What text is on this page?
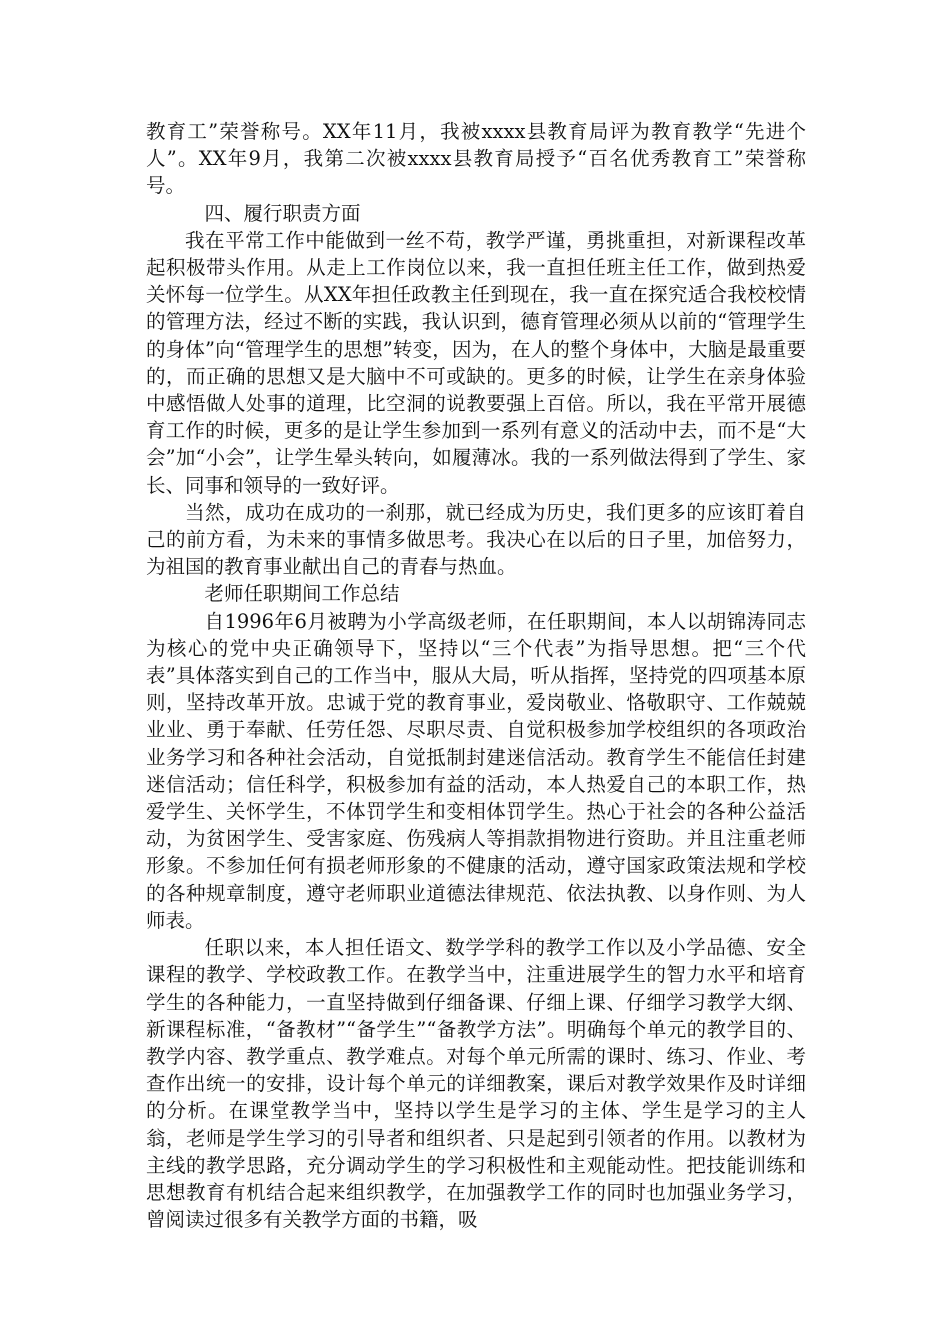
教育工”荣誉称号。XX年11月，我被xxxx县教育局评为教育教学“先进个人”。XX年9月，我第二次被xxxx县教育局授予“百名优秀教育工”荣誉称号。

四、履行职责方面

我在平常工作中能做到一丝不苟，教学严谨，勇挑重担，对新课程改革起积极带头作用。从走上工作岗位以来，我一直担任班主任工作，做到热爱关怀每一位学生。从XX年担任政教主任到现在，我一直在探究适合我校校情的管理方法，经过不断的实践，我认识到，德育管理必须从以前的“管理学生的身体”向“管理学生的思想”转变，因为，在人的整个身体中，大脑是最重要的，而正确的思想又是大脑中不可或缺的。更多的时候，让学生在亲身体验中感悟做人处事的道理，比空洞的说教要强上百倍。所以，我在平常开展德育工作的时候，更多的是让学生参加到一系列有意义的活动中去，而不是“大会”加“小会”，让学生晕头转向，如履薄冰。我的一系列做法得到了学生、家长、同事和领导的一致好评。

当然，成功在成功的一刹那，就已经成为历史，我们更多的应该盯着自己的前方看，为未来的事情多做思考。我决心在以后的日子里，加倍努力，为祖国的教育事业献出自己的青春与热血。

老师任职期间工作总结

自1996年6月被聘为小学高级老师，在任职期间，本人以胡锦涛同志为核心的党中央正确领导下，坚持以“三个代表”为指导思想。把“三个代表”具体落实到自己的工作当中，服从大局，听从指挥，坚持党的四项基本原则，坚持改革开放。忠诚于党的教育事业，爱岗敬业、恪敬职守、工作兢兢业业、勇于奉献、任劳任怨、尽职尽责、自觉积极参加学校组织的各项政治业务学习和各种社会活动，自觉抵制封建迷信活动。教育学生不能信任封建迷信活动；信任科学，积极参加有益的活动，本人热爱自己的本职工作，热爱学生、关怀学生，不体罚学生和变相体罚学生。热心于社会的各种公益活动，为贫困学生、受害家庭、伤残病人等捐款捐物进行资助。并且注重老师形象。不参加任何有损老师形象的不健康的活动，遵守国家政策法规和学校的各种规章制度，遵守老师职业道德法律规范、依法执教、以身作则、为人师表。

任职以来，本人担任语文、数学学科的教学工作以及小学品德、安全课程的教学、学校政教工作。在教学当中，注重进展学生的智力水平和培育学生的各种能力，一直坚持做到仔细备课、仔细上课、仔细学习教学大纲、新课程标准，“备教材”“备学生”“备教学方法”。明确每个单元的教学目的、教学内容、教学重点、教学难点。对每个单元所需的课时、练习、作业、考查作出统一的安排，设计每个单元的详细教案，课后对教学效果作及时详细的分析。在课堂教学当中，坚持以学生是学习的主体、学生是学习的主人翁，老师是学生学习的引导者和组织者、只是起到引领者的作用。以教材为主线的教学思路，充分调动学生的学习积极性和主观能动性。把技能训练和思想教育有机结合起来组织教学，在加强教学工作的同时也加强业务学习，曾阅读过很多有关教学方面的书籍，吸
